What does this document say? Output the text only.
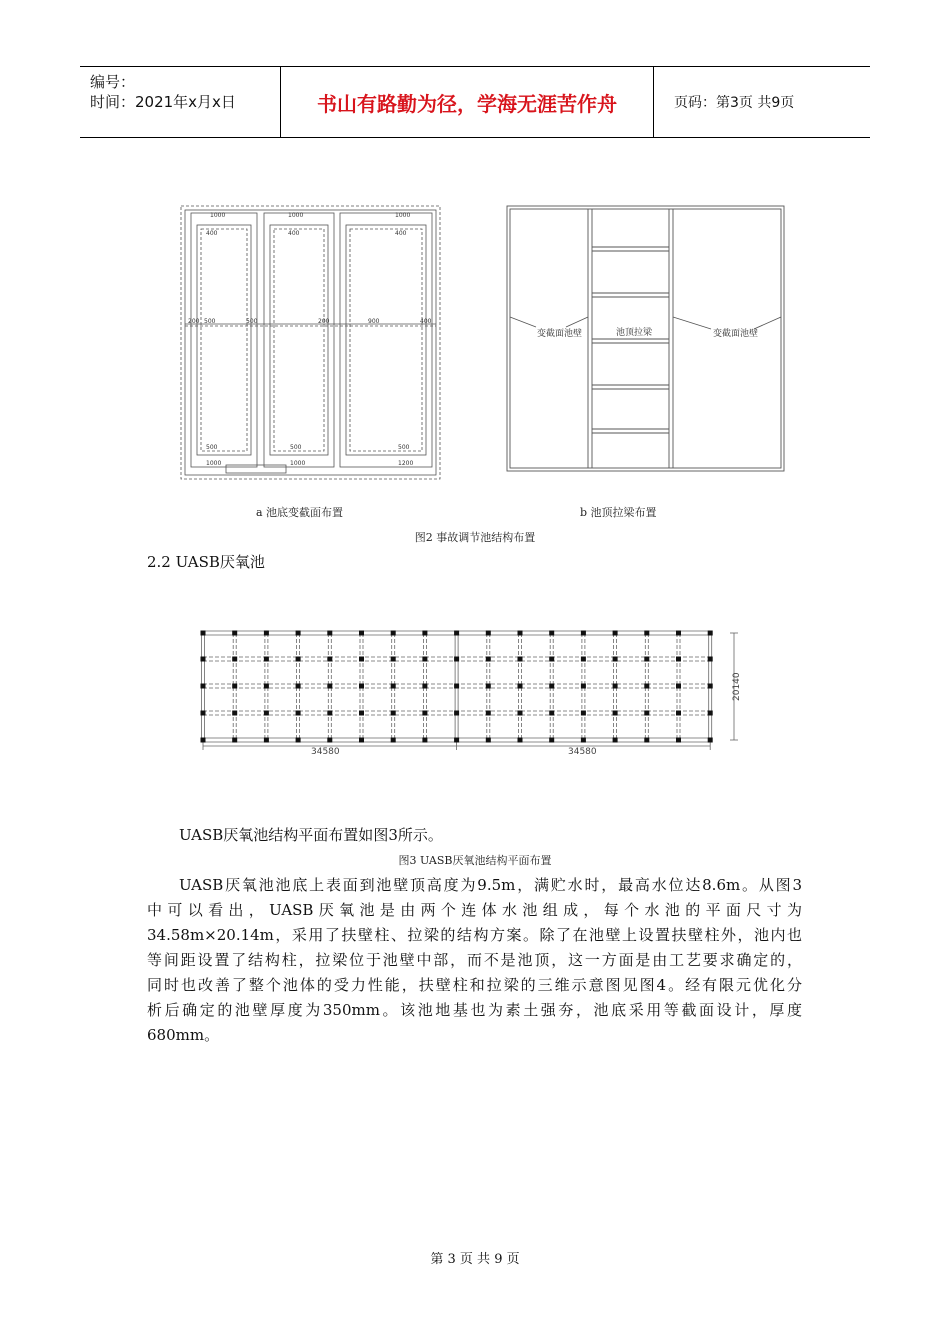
编号：
时间：2021年x月x日	书山有路勤为径，学海无涯苦作舟	页码：第3页 共9页
1000	1000	1000
400	400	400
200 500	500	200	900	400
500	500	500
1000	1000	1200
变截面池壁	池顶拉梁	变截面池壁
a 池底变截面布置	b 池顶拉梁布置
图2 事故调节池结构布置
2.2 UASB厌氧池
34580	34580
20140
UASB厌氧池结构平面布置如图3所示。
图3 UASB厌氧池结构平面布置
UASB厌氧池池底上表面到池壁顶高度为9.5m，满贮水时，最高水位达8.6m。从图3
中可以看出，UASB厌氧池是由两个连体水池组成，每个水池的平面尺寸为
34.58m×20.14m，采用了扶壁柱、拉梁的结构方案。除了在池壁上设置扶壁柱外，池内也
等间距设置了结构柱，拉梁位于池壁中部，而不是池顶，这一方面是由工艺要求确定的，
同时也改善了整个池体的受力性能，扶壁柱和拉梁的三维示意图见图4。经有限元优化分
析后确定的池壁厚度为350mm。该池地基也为素土强夯，池底采用等截面设计，厚度
680mm。
第 3 页 共 9 页
